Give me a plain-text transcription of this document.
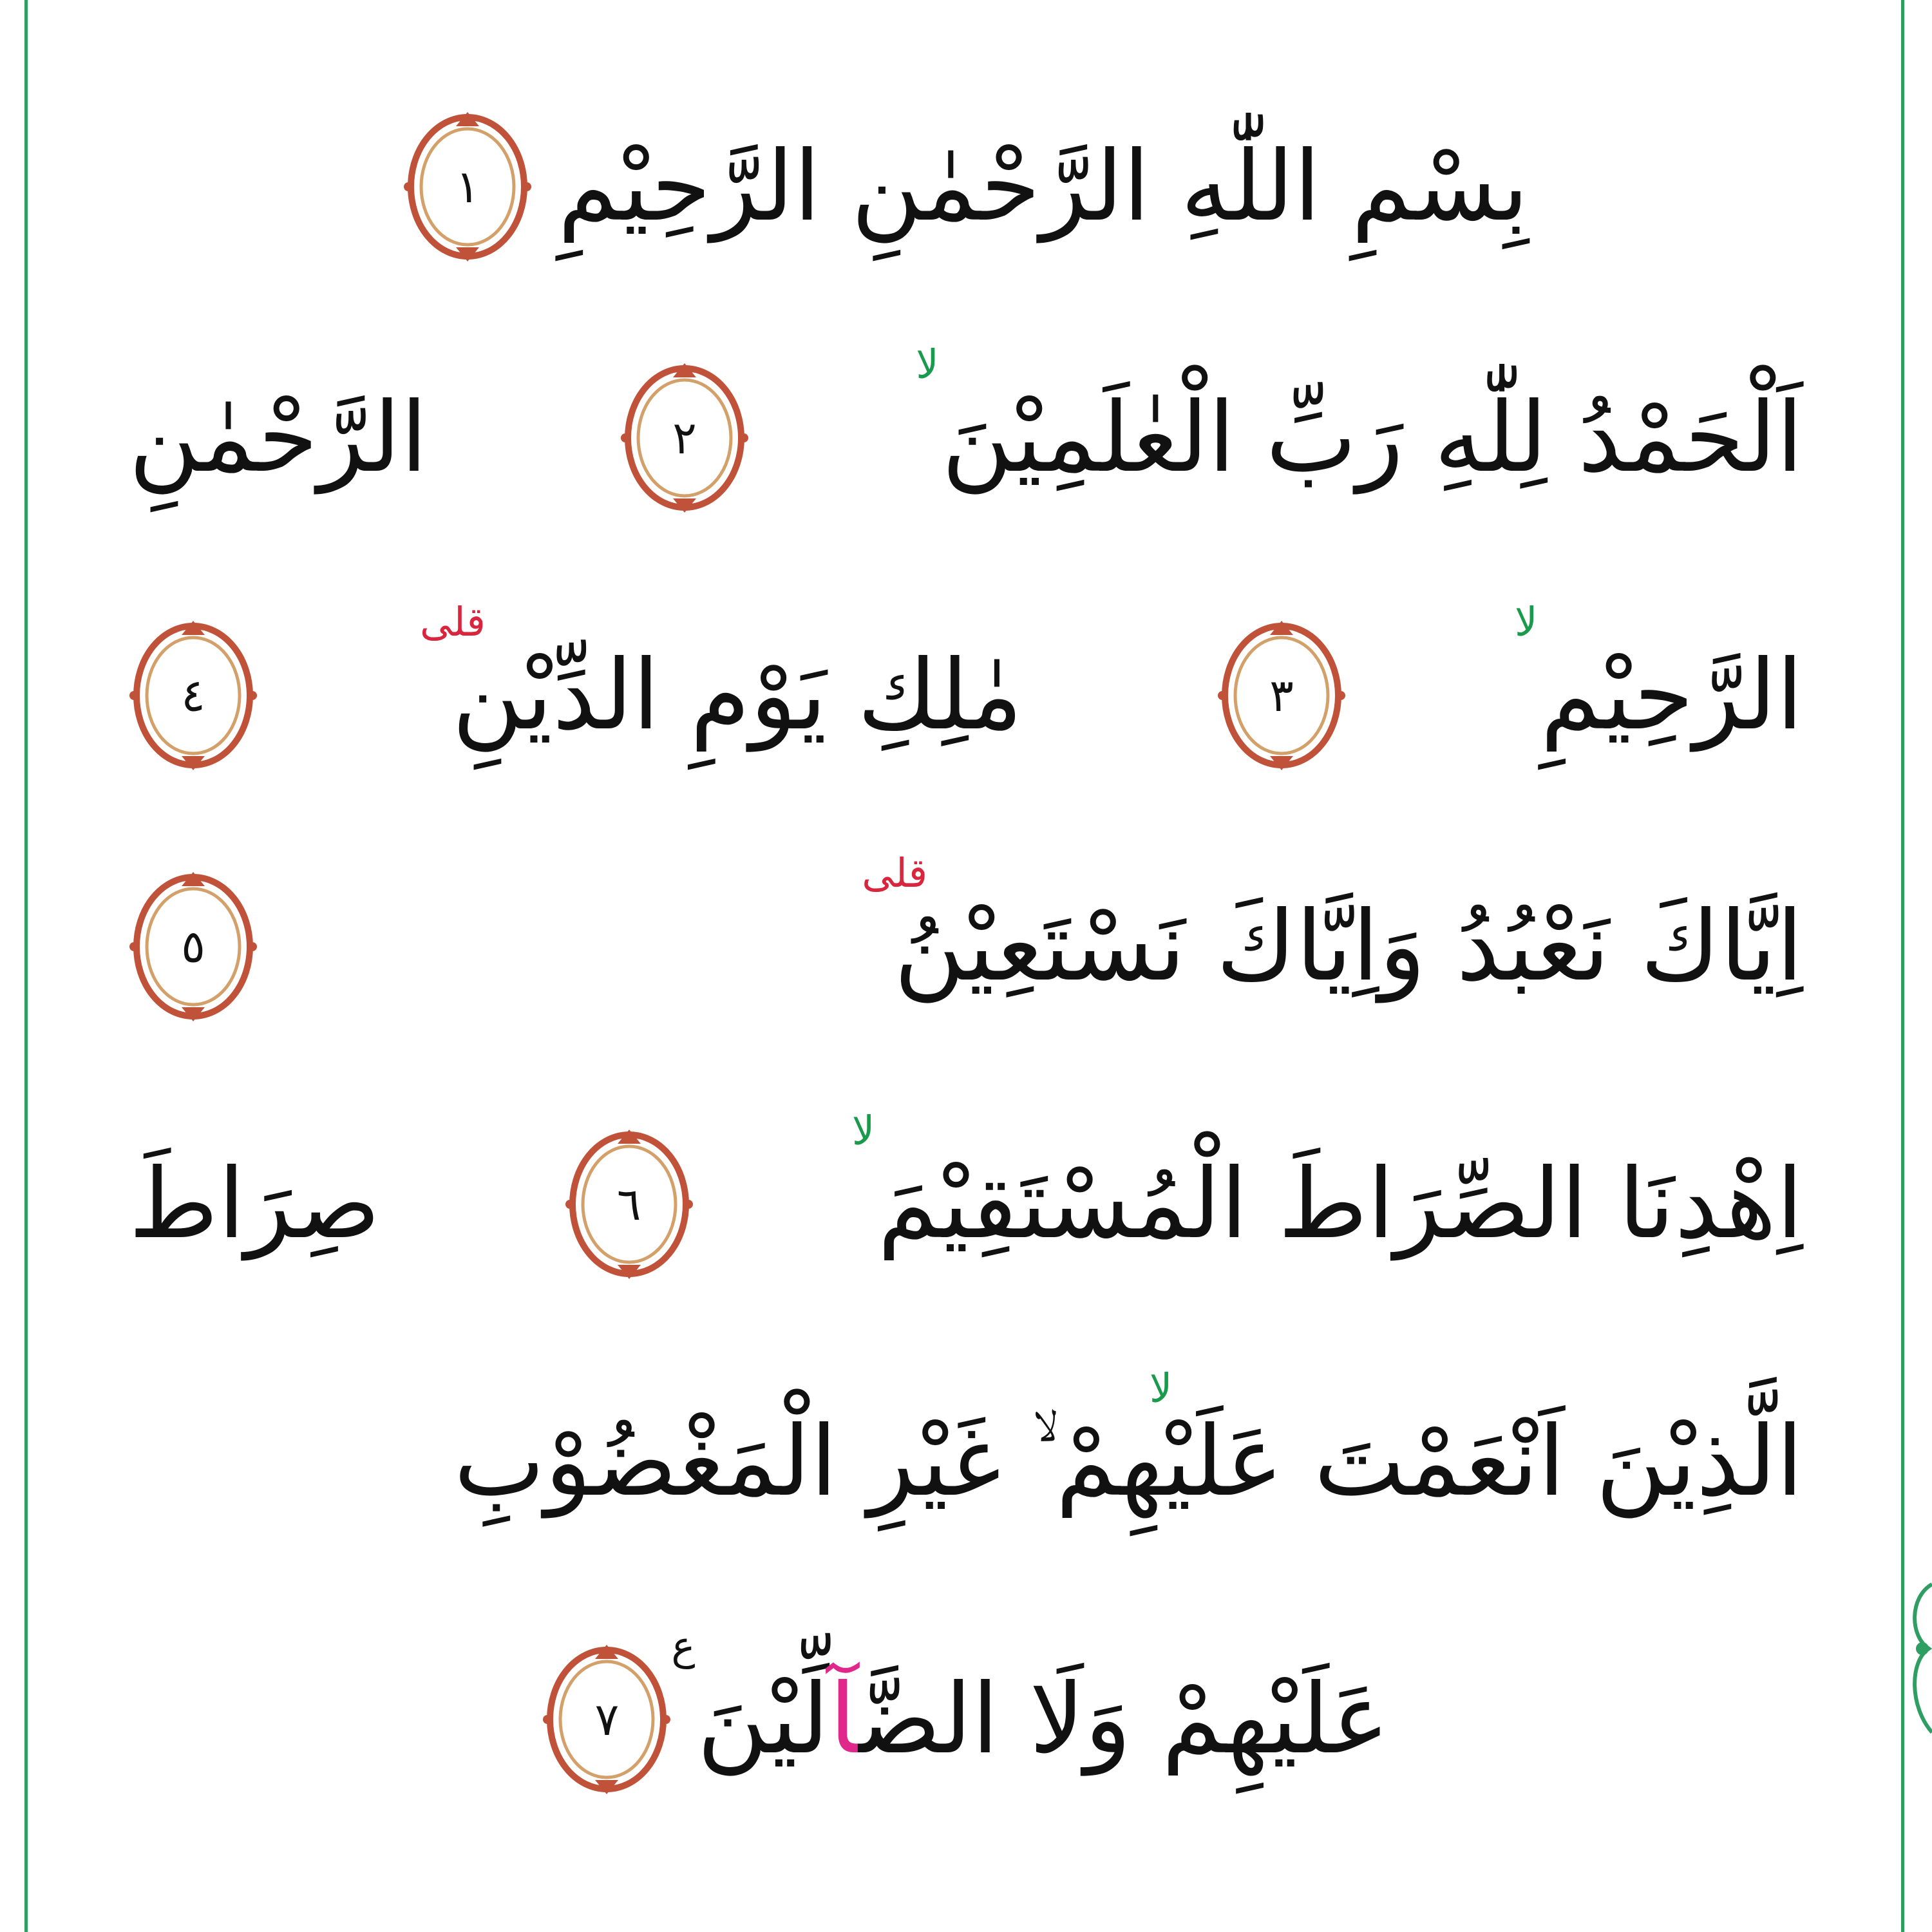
بِسْمِ اللّٰهِ الرَّحْمٰنِ الرَّحِيْمِ
١
اَلْحَمْدُ لِلّٰهِ رَبِّ الْعٰلَمِيْنَ
لا
٢
الرَّحْمٰنِ
الرَّحِيْمِ
لا
٣
مٰلِكِ يَوْمِ الدِّيْنِ
قلى
٤
اِيَّاكَ نَعْبُدُ وَاِيَّاكَ نَسْتَعِيْنُ
قلى
٥
اِهْدِنَا الصِّرَاطَ الْمُسْتَقِيْمَ
لا
٦
صِرَاطَ
الَّذِيْنَ اَنْعَمْتَ عَلَيْهِمْ ۙ غَيْرِ الْمَغْضُوْبِ
لا
عَلَيْهِمْ وَلَا الضَّآلِّيْنَ
ع
٧
